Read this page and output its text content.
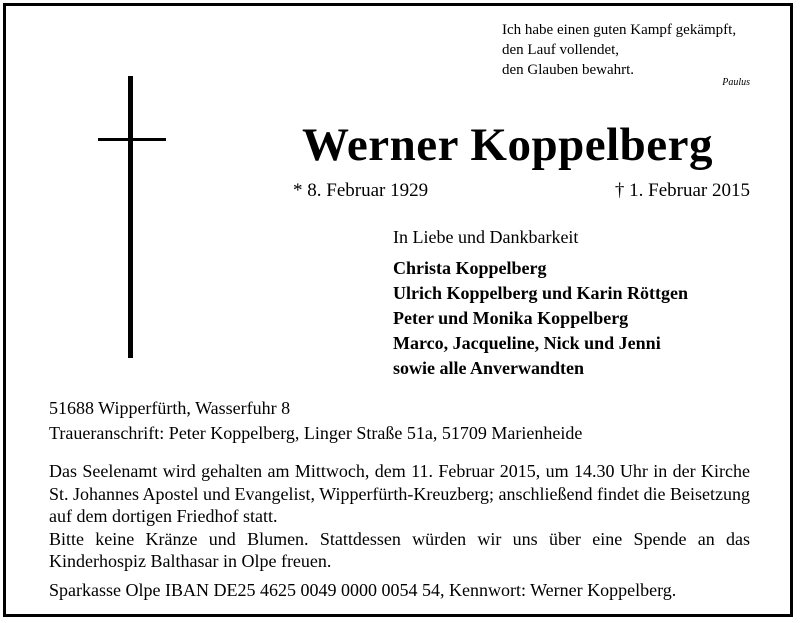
Ich habe einen guten Kampf gekämpft,
den Lauf vollendet,
den Glauben bewahrt.
Paulus
Werner Koppelberg
* 8. Februar 1929	† 1. Februar 2015
In Liebe und Dankbarkeit
Christa Koppelberg
Ulrich Koppelberg und Karin Röttgen
Peter und Monika Koppelberg
Marco, Jacqueline, Nick und Jenni
sowie alle Anverwandten
51688 Wipperfürth, Wasserfuhr 8
Traueranschrift: Peter Koppelberg, Linger Straße 51a, 51709 Marienheide

Das Seelenamt wird gehalten am Mittwoch, dem 11. Februar 2015, um 14.30 Uhr in der Kirche St. Johannes Apostel und Evangelist, Wipperfürth-Kreuzberg; anschließend findet die Beisetzung auf dem dortigen Friedhof statt.

Bitte keine Kränze und Blumen. Stattdessen würden wir uns über eine Spende an das Kinderhospiz Balthasar in Olpe freuen.

Sparkasse Olpe IBAN DE25 4625 0049 0000 0054 54, Kennwort: Werner Koppelberg.
